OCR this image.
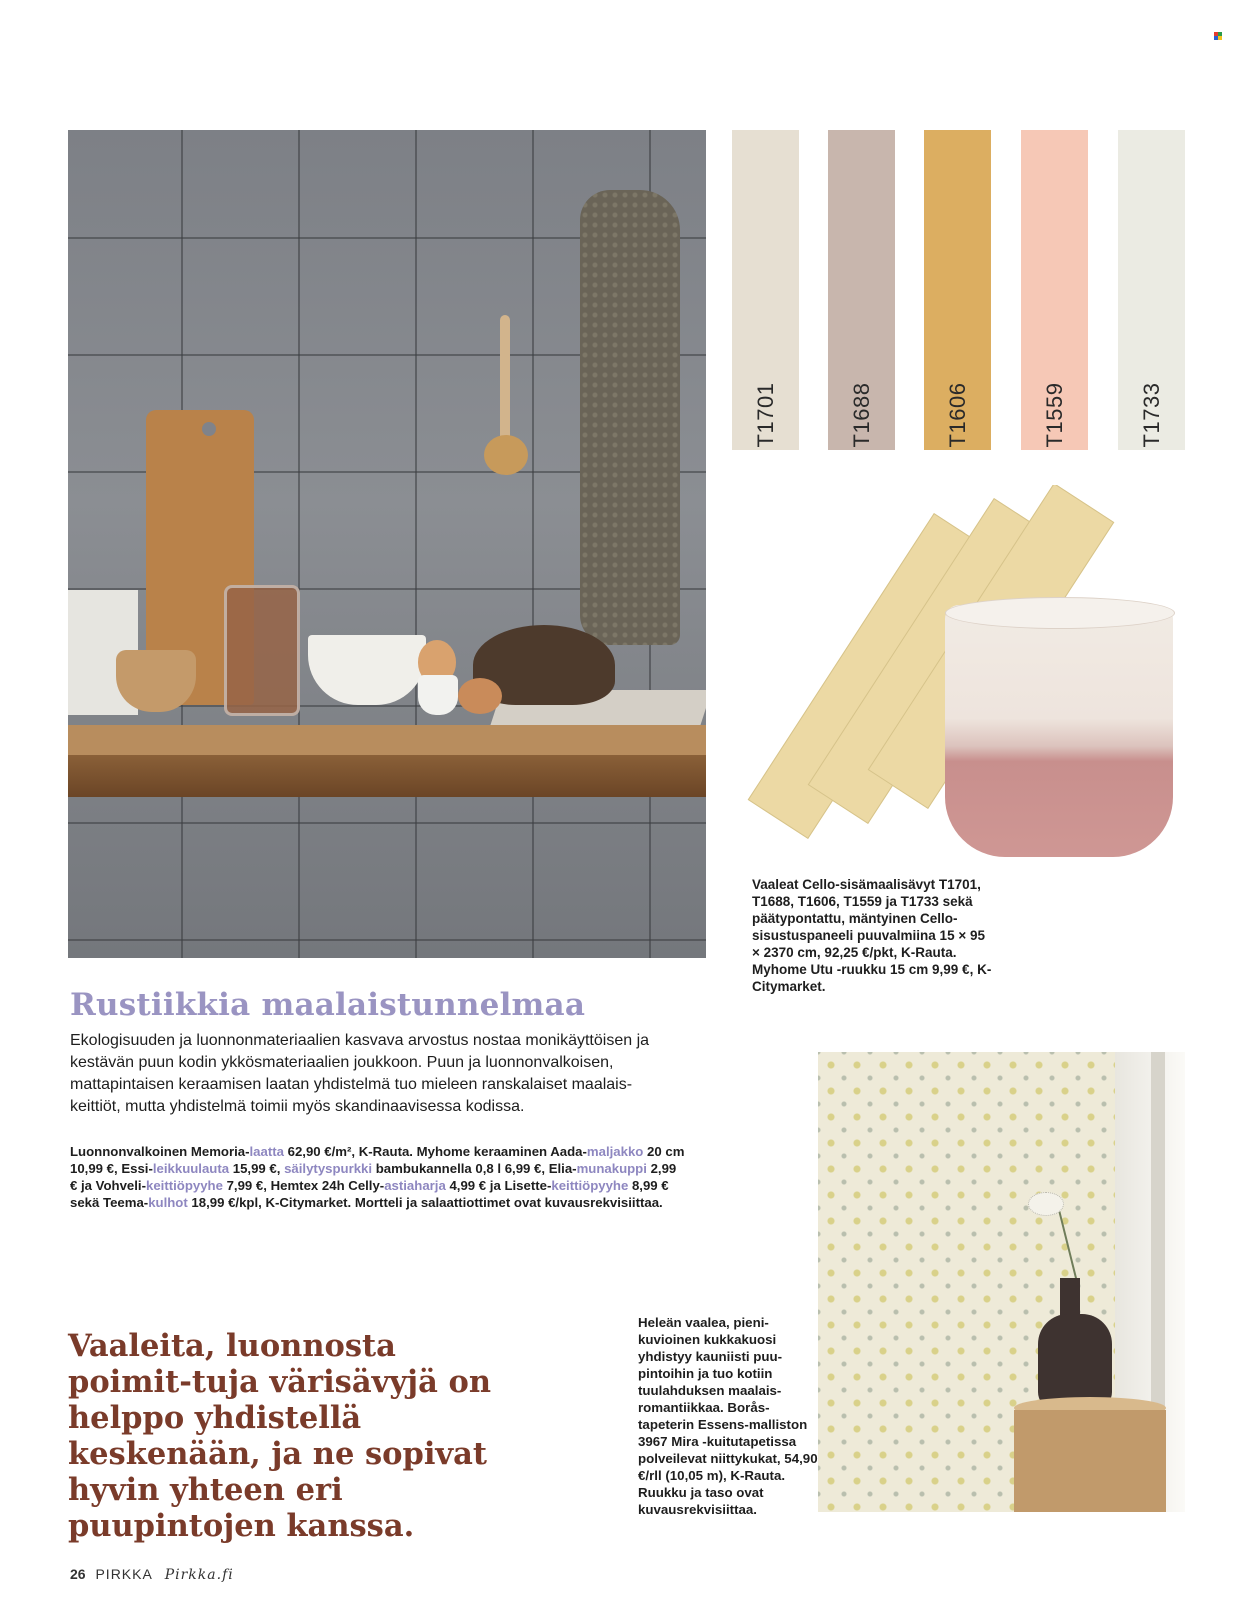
T1701	T1688	T1606	T1559	T1733
Vaaleat Cello-sisämaalisävyt T1701, T1688, T1606, T1559 ja T1733 sekä päätypontattu, mäntyinen Cello-sisustuspaneeli puuvalmiina 15 × 95 × 2370 cm, 92,25 €/pkt, K-Rauta. Myhome Utu -ruukku 15 cm 9,99 €, K-Citymarket.
Rustiikkia maalaistunnelmaa
Ekologisuuden ja luonnonmateriaalien kasvava arvostus nostaa monikäyttöisen ja kestävän puun kodin ykkösmateriaalien joukkoon. Puun ja luonnonvalkoisen, mattapintaisen keraamisen laatan yhdistelmä tuo mieleen ranskalaiset maalais-keittiöt, mutta yhdistelmä toimii myös skandinaavisessa kodissa.
Luonnonvalkoinen Memoria-laatta 62,90 €/m², K-Rauta. Myhome keraaminen Aada-maljakko 20 cm 10,99 €, Essi-leikkuulauta 15,99 €, säilytyspurkki bambukannella 0,8 l 6,99 €, Elia-munakuppi 2,99 € ja Vohveli-keittiöpyyhe 7,99 €, Hemtex 24h Celly-astiaharja 4,99 € ja Lisette-keittiöpyyhe 8,99 € sekä Teema-kulhot 18,99 €/kpl, K-Citymarket. Mortteli ja salaattiottimet ovat kuvausrekvisiittaa.
Vaaleita, luonnosta poimit-tuja värisävyjä on helppo yhdistellä keskenään, ja ne sopivat hyvin yhteen eri puupintojen kanssa.
Heleän vaalea, pieni-kuvioinen kukkakuosi yhdistyy kauniisti puu-pintoihin ja tuo kotiin tuulahduksen maalais-romantiikkaa. Borås-tapeterin Essens-malliston 3967 Mira -kuitutapetissa polveilevat niittykukat, 54,90 €/rll (10,05 m), K-Rauta. Ruukku ja taso ovat kuvausrekvisiittaa.
26 PIRKKA Pirkka.fi
